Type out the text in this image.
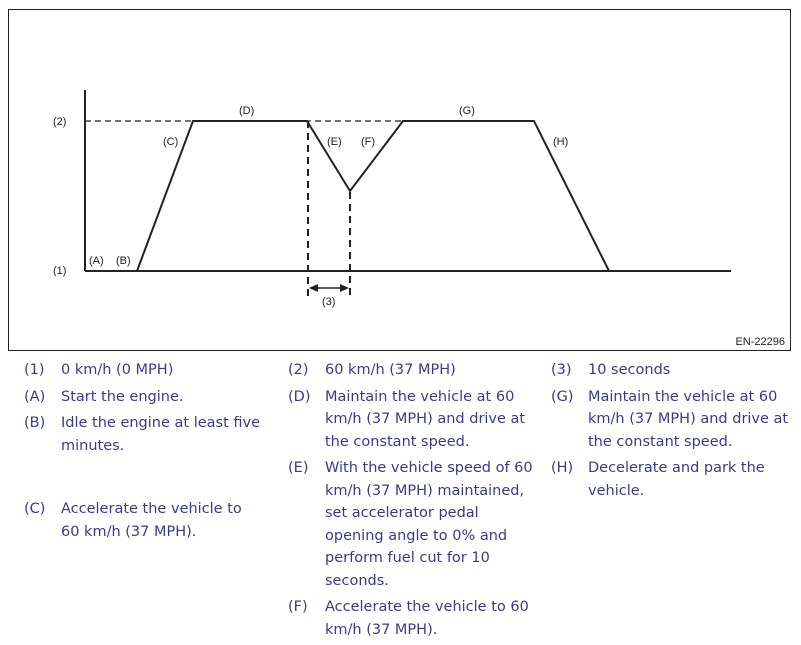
(2)
(1)
(A) (B)
(C)
(D)
(E) (F)
(G)
(H)
(3)
EN-22296
(1)	0 km/h (0 MPH)
(A)	Start the engine.
(B)	Idle the engine at least five minutes.
(C)	Accelerate the vehicle to 60 km/h (37 MPH).
(2)	60 km/h (37 MPH)
(D)	Maintain the vehicle at 60 km/h (37 MPH) and drive at the constant speed.
(E)	With the vehicle speed of 60 km/h (37 MPH) maintained, set accelerator pedal opening angle to 0% and perform fuel cut for 10 seconds.
(F)	Accelerate the vehicle to 60 km/h (37 MPH).
(3)	10 seconds
(G) Maintain the vehicle at 60 km/h (37 MPH) and drive at the constant speed.
(H)	Decelerate and park the vehicle.
